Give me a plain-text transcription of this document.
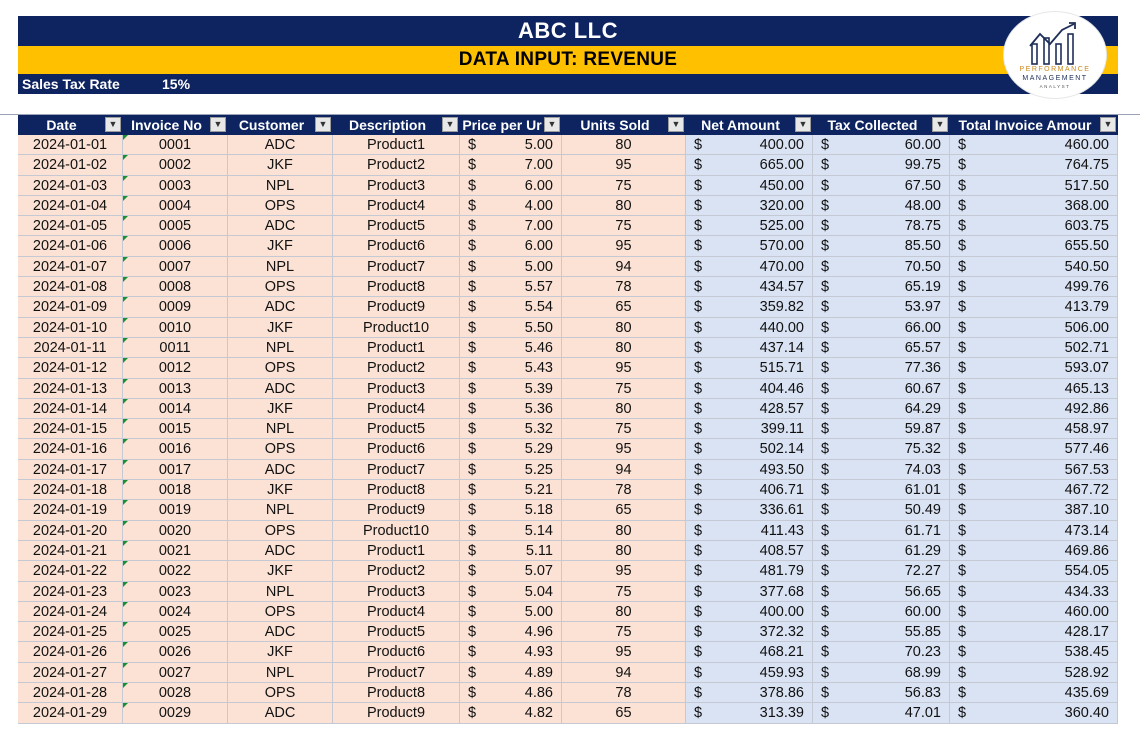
ABC LLC
DATA INPUT: REVENUE
Sales Tax Rate	15%
PERFORMANCE
MANAGEMENT
ANALYST
Date	▼ Invoice No	▼	Customer	▼	Description	▼ Price per Ur ▼	Units Sold	▼	Net Amount	▼	Tax Collected	▼	Total Invoice Amour	▼
2024-01-01	0001	ADC	Product1	$	5.00	80	$	400.00 $	60.00 $	460.00
2024-01-02	0002	JKF	Product2	$	7.00	95	$	665.00 $	99.75 $	764.75
2024-01-03	0003	NPL	Product3	$	6.00	75	$	450.00 $	67.50 $	517.50
2024-01-04	0004	OPS	Product4	$	4.00	80	$	320.00 $	48.00 $	368.00
2024-01-05	0005	ADC	Product5	$	7.00	75	$	525.00 $	78.75 $	603.75
2024-01-06	0006	JKF	Product6	$	6.00	95	$	570.00 $	85.50 $	655.50
2024-01-07	0007	NPL	Product7	$	5.00	94	$	470.00 $	70.50 $	540.50
2024-01-08	0008	OPS	Product8	$	5.57	78	$	434.57 $	65.19 $	499.76
2024-01-09	0009	ADC	Product9	$	5.54	65	$	359.82 $	53.97 $	413.79
2024-01-10	0010	JKF	Product10	$	5.50	80	$	440.00 $	66.00 $	506.00
2024-01-11	0011	NPL	Product1	$	5.46	80	$	437.14 $	65.57 $	502.71
2024-01-12	0012	OPS	Product2	$	5.43	95	$	515.71 $	77.36 $	593.07
2024-01-13	0013	ADC	Product3	$	5.39	75	$	404.46 $	60.67 $	465.13
2024-01-14	0014	JKF	Product4	$	5.36	80	$	428.57 $	64.29 $	492.86
2024-01-15	0015	NPL	Product5	$	5.32	75	$	399.11 $	59.87 $	458.97
2024-01-16	0016	OPS	Product6	$	5.29	95	$	502.14 $	75.32 $	577.46
2024-01-17	0017	ADC	Product7	$	5.25	94	$	493.50 $	74.03 $	567.53
2024-01-18	0018	JKF	Product8	$	5.21	78	$	406.71 $	61.01 $	467.72
2024-01-19	0019	NPL	Product9	$	5.18	65	$	336.61 $	50.49 $	387.10
2024-01-20	0020	OPS	Product10	$	5.14	80	$	411.43 $	61.71 $	473.14
2024-01-21	0021	ADC	Product1	$	5.11	80	$	408.57 $	61.29 $	469.86
2024-01-22	0022	JKF	Product2	$	5.07	95	$	481.79 $	72.27 $	554.05
2024-01-23	0023	NPL	Product3	$	5.04	75	$	377.68 $	56.65 $	434.33
2024-01-24	0024	OPS	Product4	$	5.00	80	$	400.00 $	60.00 $	460.00
2024-01-25	0025	ADC	Product5	$	4.96	75	$	372.32 $	55.85 $	428.17
2024-01-26	0026	JKF	Product6	$	4.93	95	$	468.21 $	70.23 $	538.45
2024-01-27	0027	NPL	Product7	$	4.89	94	$	459.93 $	68.99 $	528.92
2024-01-28	0028	OPS	Product8	$	4.86	78	$	378.86 $	56.83 $	435.69
2024-01-29	0029	ADC	Product9	$	4.82	65	$	313.39 $	47.01 $	360.40
